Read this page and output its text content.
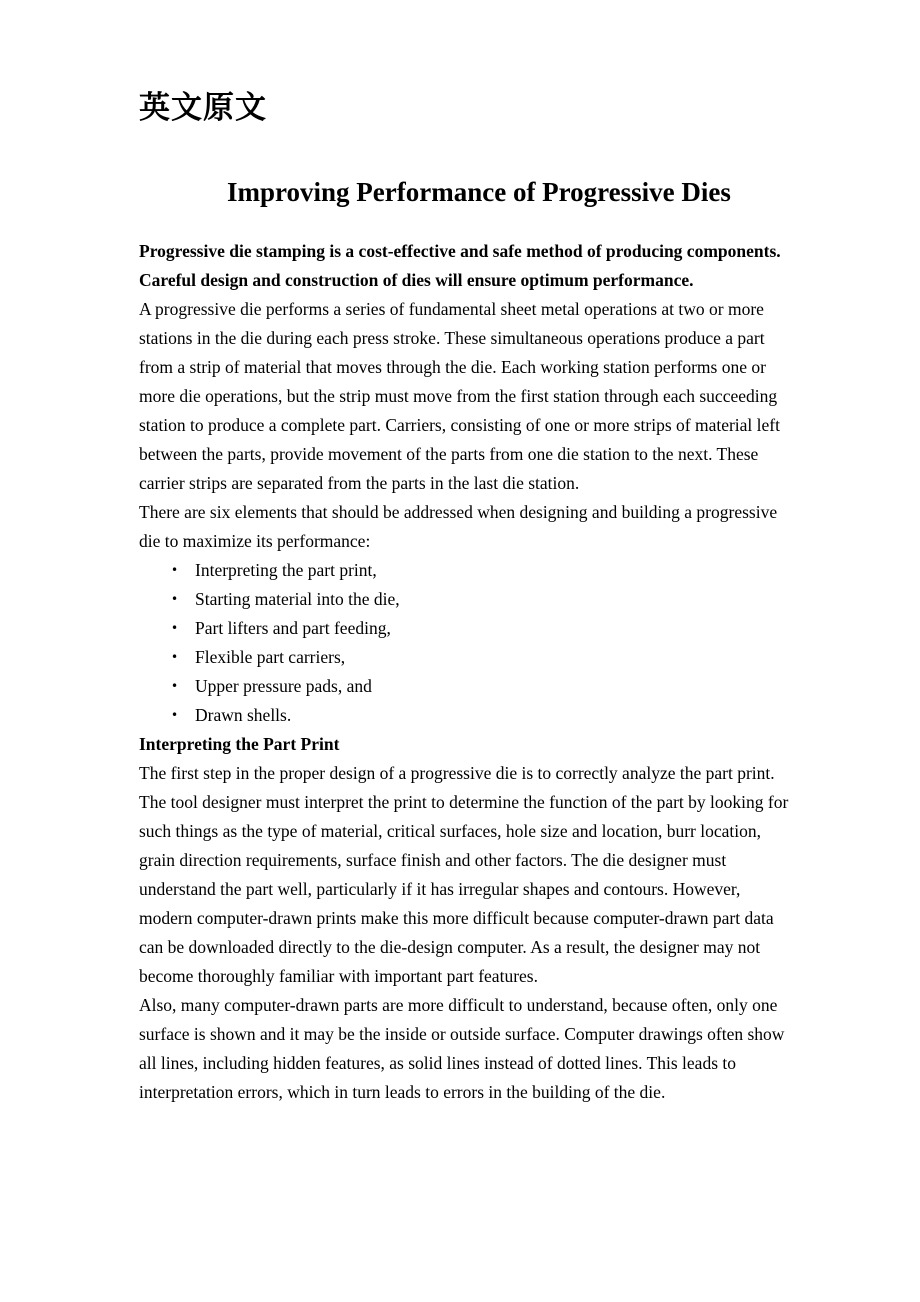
英文原文
Improving Performance of Progressive Dies

Progressive die stamping is a cost-effective and safe method of producing components. Careful design and construction of dies will ensure optimum performance.

A progressive die performs a series of fundamental sheet metal operations at two or more stations in the die during each press stroke. These simultaneous operations produce a part from a strip of material that moves through the die. Each working station performs one or more die operations, but the strip must move from the first station through each succeeding station to produce a complete part. Carriers, consisting of one or more strips of material left between the parts, provide movement of the parts from one die station to the next. These carrier strips are separated from the parts in the last die station.

There are six elements that should be addressed when designing and building a progressive die to maximize its performance:

• Interpreting the part print,
• Starting material into the die,
• Part lifters and part feeding,
• Flexible part carriers,
• Upper pressure pads, and
• Drawn shells.

Interpreting the Part Print

The first step in the proper design of a progressive die is to correctly analyze the part print. The tool designer must interpret the print to determine the function of the part by looking for such things as the type of material, critical surfaces, hole size and location, burr location, grain direction requirements, surface finish and other factors. The die designer must understand the part well, particularly if it has irregular shapes and contours. However, modern computer-drawn prints make this more difficult because computer-drawn part data can be downloaded directly to the die-design computer. As a result, the designer may not become thoroughly familiar with important part features.

Also, many computer-drawn parts are more difficult to understand, because often, only one surface is shown and it may be the inside or outside surface. Computer drawings often show all lines, including hidden features, as solid lines instead of dotted lines. This leads to interpretation errors, which in turn leads to errors in the building of the die.
